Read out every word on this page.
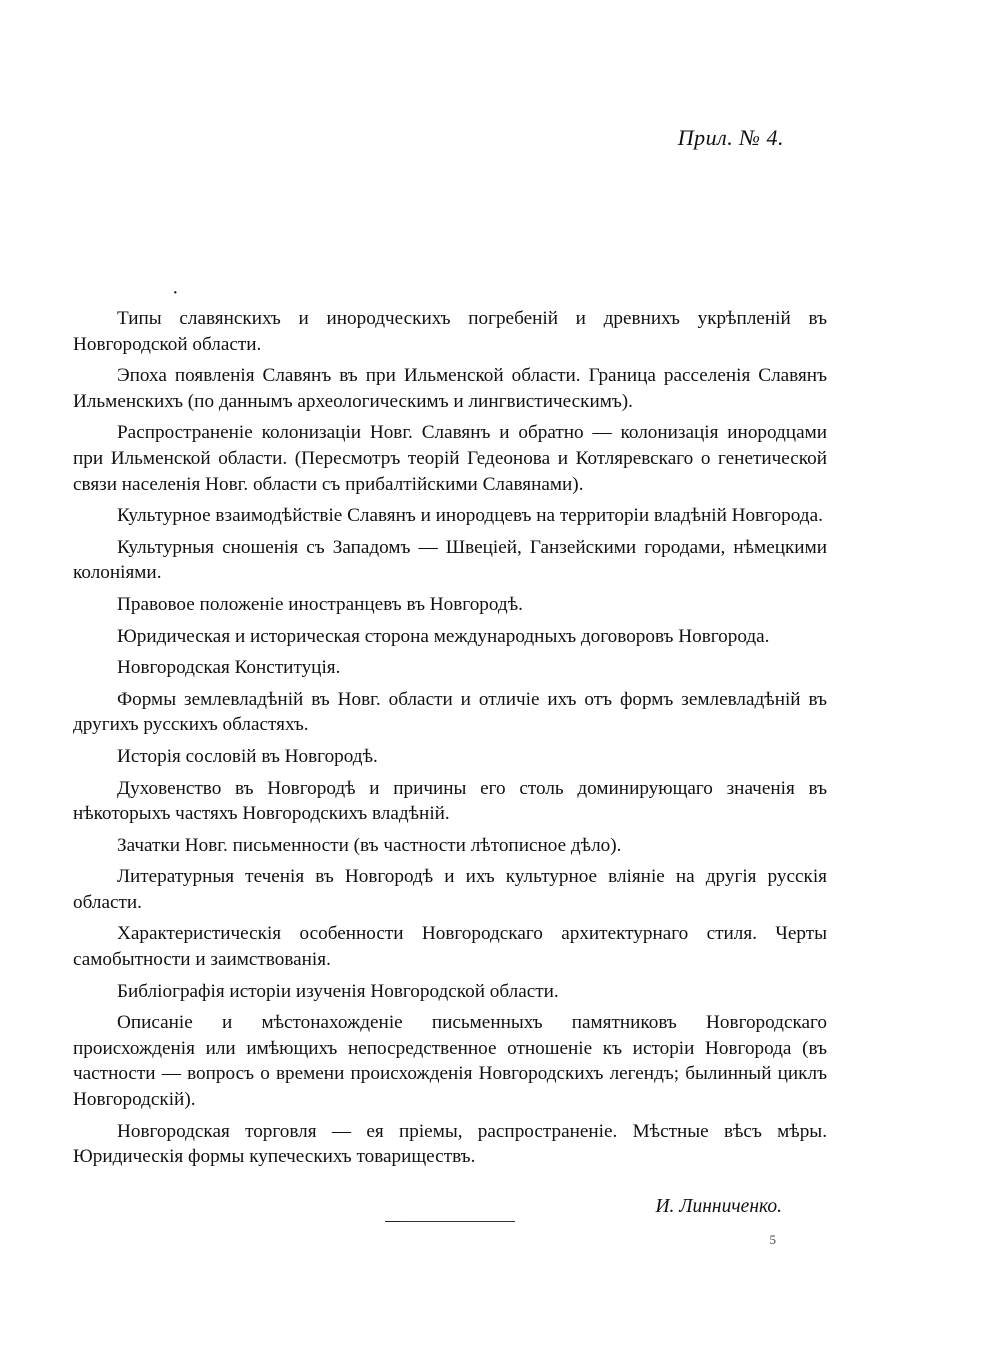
·
Прил. № 4.

Типы славянскихъ и инородческихъ погребенiй и древнихъ укрѣпленiй въ Новгородской области.

Эпоха появленiя Славянъ въ при Ильменской области. Граница расселенiя Славянъ Ильменскихъ (по даннымъ археологическимъ и лингвистическимъ).

Распространенiе колонизацiи Новг. Славянъ и обратно — колонизацiя инородцами при Ильменской области. (Пересмотръ теорiй Гедеонова и Котляревскаго о генетической связи населенiя Новг. области съ прибалтiйскими Славянами).

Культурное взаимодѣйствiе Славянъ и инородцевъ на территорiи владѣнiй Новгорода.

Культурныя сношенiя съ Западомъ — Швецiей, Ганзейскими городами, нѣмецкими колонiями.

Правовое положенiе иностранцевъ въ Новгородѣ.

Юридическая и историческая сторона международныхъ договоровъ Новгорода.

Новгородская Конституцiя.

Формы землевладѣнiй въ Новг. области и отличiе ихъ отъ формъ землевладѣнiй въ другихъ русскихъ областяхъ.

Исторiя сословiй въ Новгородѣ.

Духовенство въ Новгородѣ и причины его столь доминирующаго значенiя въ нѣкоторыхъ частяхъ Новгородскихъ владѣнiй.

Зачатки Новг. письменности (въ частности лѣтописное дѣло).

Литературныя теченiя въ Новгородѣ и ихъ культурное влiянiе на другiя русскiя области.

Характеристическiя особенности Новгородскаго архитектурнаго стиля. Черты самобытности и заимствованiя.

Библiографiя исторiи изученiя Новгородской области.

Описанiе и мѣстонахожденiе письменныхъ памятниковъ Новгородскаго происхожденiя или имѣющихъ непосредственное отношенiе къ исторiи Новгорода (въ частности — вопросъ о времени происхожденiя Новгородскихъ легендъ; былинный циклъ Новгородскiй).

Новгородская торговля — ея прiемы, распространенiе. Мѣстные вѣсъ мѣры. Юридическiя формы купеческихъ товариществъ.

И. Линниченко.
5
